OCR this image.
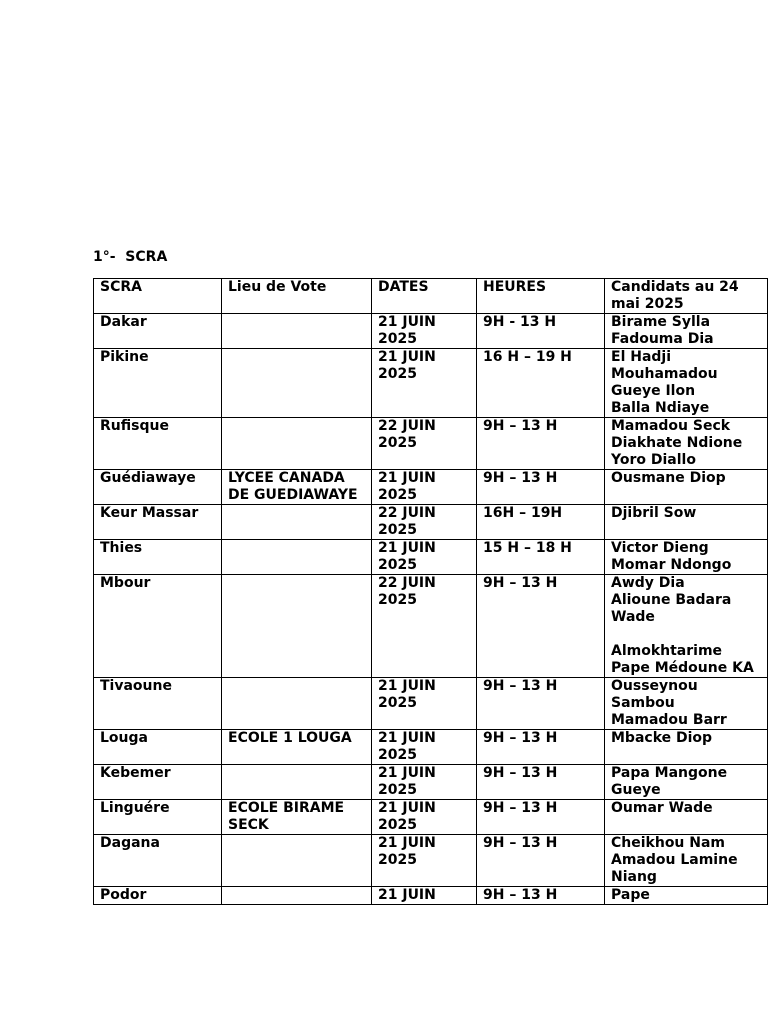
1°-  SCRA

SCRA	Lieu de Vote	DATES	HEURES	Candidats au 24 mai 2025
Dakar		21 JUIN 2025	9H - 13 H	Birame Sylla
Fadouma Dia
Pikine		21 JUIN 2025	16 H – 19 H	El Hadji Mouhamadou Gueye Ilon
Balla Ndiaye
Rufisque		22 JUIN 2025	9H – 13 H	Mamadou Seck
Diakhate Ndione
Yoro Diallo
Guédiawaye	LYCEE CANADA DE GUEDIAWAYE	21 JUIN 2025	9H – 13 H	Ousmane Diop
Keur Massar		22 JUIN 2025	16H – 19H	Djibril Sow
Thies		21 JUIN 2025	15 H – 18 H	Victor Dieng
Momar Ndongo
Mbour		22 JUIN 2025	9H – 13 H	Awdy Dia
Alioune Badara Wade

Almokhtarime Pape Médoune KA
Tivaoune		21 JUIN 2025	9H – 13 H	Ousseynou Sambou
Mamadou Barr
Louga	ECOLE 1 LOUGA	21 JUIN 2025	9H – 13 H	Mbacke Diop
Kebemer		21 JUIN 2025	9H – 13 H	Papa Mangone Gueye
Linguére	ECOLE BIRAME SECK	21 JUIN 2025	9H – 13 H	Oumar Wade
Dagana		21 JUIN 2025	9H – 13 H	Cheikhou Nam
Amadou Lamine Niang
Podor		21 JUIN	9H – 13 H	Pape
